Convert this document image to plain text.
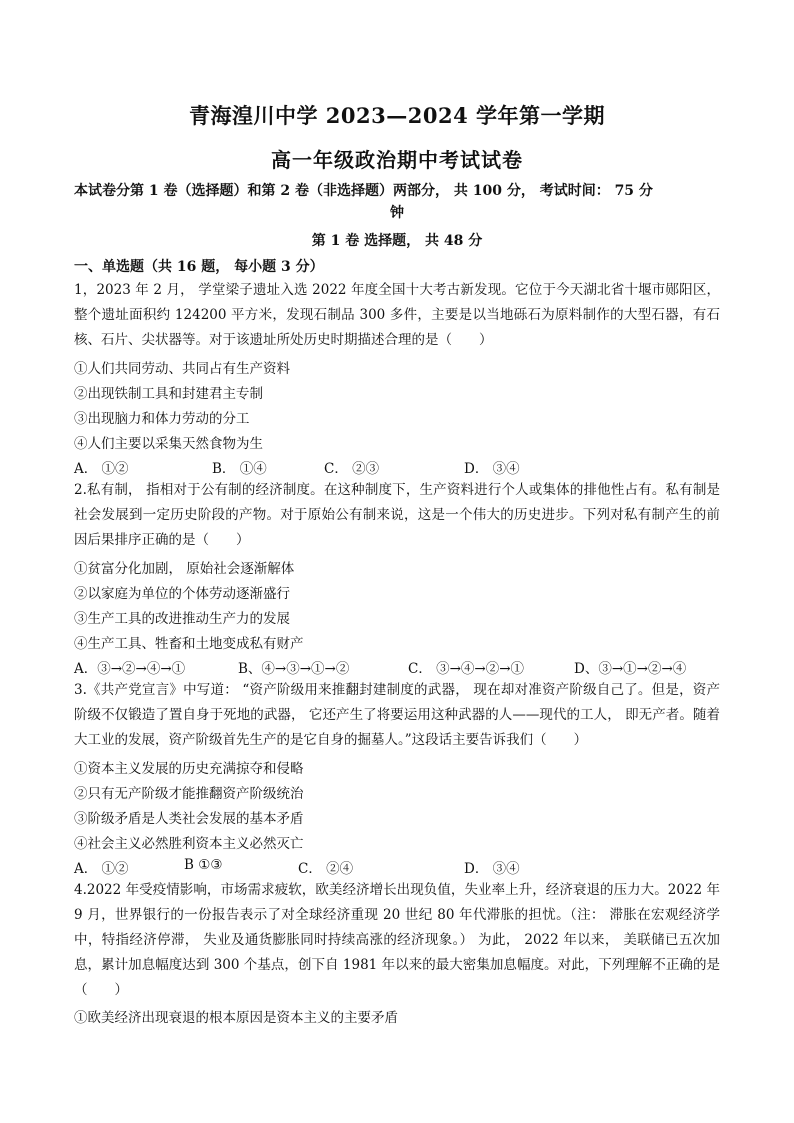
青海湟川中学 2023—2024 学年第一学期
高一年级政治期中考试试卷
本试卷分第 1 卷（选择题）和第 2 卷（非选择题）两部分， 共 100 分， 考试时间： 75 分
钟
第 1 卷 选择题， 共 48 分
一、单选题（共 16 题， 每小题 3 分）
1，2023 年 2 月， 学堂梁子遗址入选 2022 年度全国十大考古新发现。它位于今天湖北省十堰市郧阳区，整个遗址面积约 124200 平方米，发现石制品 300 多件，主要是以当地砾石为原料制作的大型石器，有石核、石片、尖状器等。对于该遗址所处历史时期描述合理的是（　　）
①人们共同劳动、共同占有生产资料
②出现铁制工具和封建君主专制
③出现脑力和体力劳动的分工
④人们主要以采集天然食物为生
A． ①②	B． ①④	C． ②③	D． ③④
2.私有制， 指相对于公有制的经济制度。在这种制度下，生产资料进行个人或集体的排他性占有。私有制是社会发展到一定历史阶段的产物。对于原始公有制来说，这是一个伟大的历史进步。下列对私有制产生的前因后果排序正确的是（　　）
①贫富分化加剧， 原始社会逐渐解体
②以家庭为单位的个体劳动逐渐盛行
③生产工具的改进推动生产力的发展
④生产工具、牲畜和土地变成私有财产
A．③→②→④→①	B、④→③→①→②	C． ③→④→②→①	D、③→①→②→④
3.《共产党宣言》中写道： “资产阶级用来推翻封建制度的武器， 现在却对准资产阶级自己了。但是，资产阶级不仅锻造了置自身于死地的武器， 它还产生了将要运用这种武器的人——现代的工人， 即无产者。随着大工业的发展，资产阶级首先生产的是它自身的掘墓人。”这段话主要告诉我们（　　）
①资本主义发展的历史充满掠夺和侵略
②只有无产阶级才能推翻资产阶级统治
③阶级矛盾是人类社会发展的基本矛盾
④社会主义必然胜利资本主义必然灭亡
A． ①②	B ①③	C． ②④	D． ③④
4.2022 年受疫情影响，市场需求疲软，欧美经济增长出现负值，失业率上升，经济衰退的压力大。2022 年 9 月，世界银行的一份报告表示了对全球经济重现 20 世纪 80 年代滞胀的担忧。（注： 滞胀在宏观经济学中，特指经济停滞， 失业及通货膨胀同时持续高涨的经济现象。） 为此， 2022 年以来， 美联储已五次加息，累计加息幅度达到 300 个基点，创下自 1981 年以来的最大密集加息幅度。对此，下列理解不正确的是（　　）
①欧美经济出现衰退的根本原因是资本主义的主要矛盾
